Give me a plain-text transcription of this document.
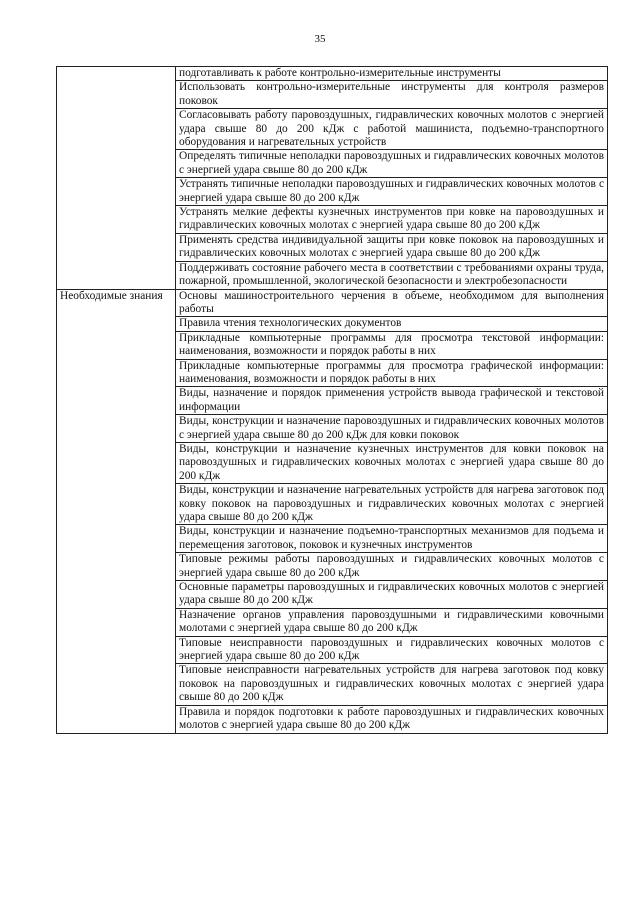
35
подготавливать к работе контрольно-измерительные инструменты
Использовать контрольно-измерительные инструменты для контроля размеров поковок
Согласовывать работу паровоздушных, гидравлических ковочных молотов с энергией удара свыше 80 до 200 кДж с работой машиниста, подъемно-транспортного оборудования и нагревательных устройств
Определять типичные неполадки паровоздушных и гидравлических ковочных молотов с энергией удара свыше 80 до 200 кДж
Устранять типичные неполадки паровоздушных и гидравлических ковочных молотов с энергией удара свыше 80 до 200 кДж
Устранять мелкие дефекты кузнечных инструментов при ковке на паровоздушных и гидравлических ковочных молотах с энергией удара свыше 80 до 200 кДж
Применять средства индивидуальной защиты при ковке поковок на паровоздушных и гидравлических ковочных молотах с энергией удара свыше 80 до 200 кДж
Поддерживать состояние рабочего места в соответствии с требованиями охраны труда, пожарной, промышленной, экологической безопасности и электробезопасности
Необходимые знания	Основы машиностроительного черчения в объеме, необходимом для выполнения работы
Правила чтения технологических документов
Прикладные компьютерные программы для просмотра текстовой информации: наименования, возможности и порядок работы в них
Прикладные компьютерные программы для просмотра графической информации: наименования, возможности и порядок работы в них
Виды, назначение и порядок применения устройств вывода графической и текстовой информации
Виды, конструкции и назначение паровоздушных и гидравлических ковочных молотов с энергией удара свыше 80 до 200 кДж для ковки поковок
Виды, конструкции и назначение кузнечных инструментов для ковки поковок на паровоздушных и гидравлических ковочных молотах с энергией удара свыше 80 до 200 кДж
Виды, конструкции и назначение нагревательных устройств для нагрева заготовок под ковку поковок на паровоздушных и гидравлических ковочных молотах с энергией удара свыше 80 до 200 кДж
Виды, конструкции и назначение подъемно-транспортных механизмов для подъема и перемещения заготовок, поковок и кузнечных инструментов
Типовые режимы работы паровоздушных и гидравлических ковочных молотов с энергией удара свыше 80 до 200 кДж
Основные параметры паровоздушных и гидравлических ковочных молотов с энергией удара свыше 80 до 200 кДж
Назначение органов управления паровоздушными и гидравлическими ковочными молотами с энергией удара свыше 80 до 200 кДж
Типовые неисправности паровоздушных и гидравлических ковочных молотов с энергией удара свыше 80 до 200 кДж
Типовые неисправности нагревательных устройств для нагрева заготовок под ковку поковок на паровоздушных и гидравлических ковочных молотах с энергией удара свыше 80 до 200 кДж
Правила и порядок подготовки к работе паровоздушных и гидравлических ковочных молотов с энергией удара свыше 80 до 200 кДж
